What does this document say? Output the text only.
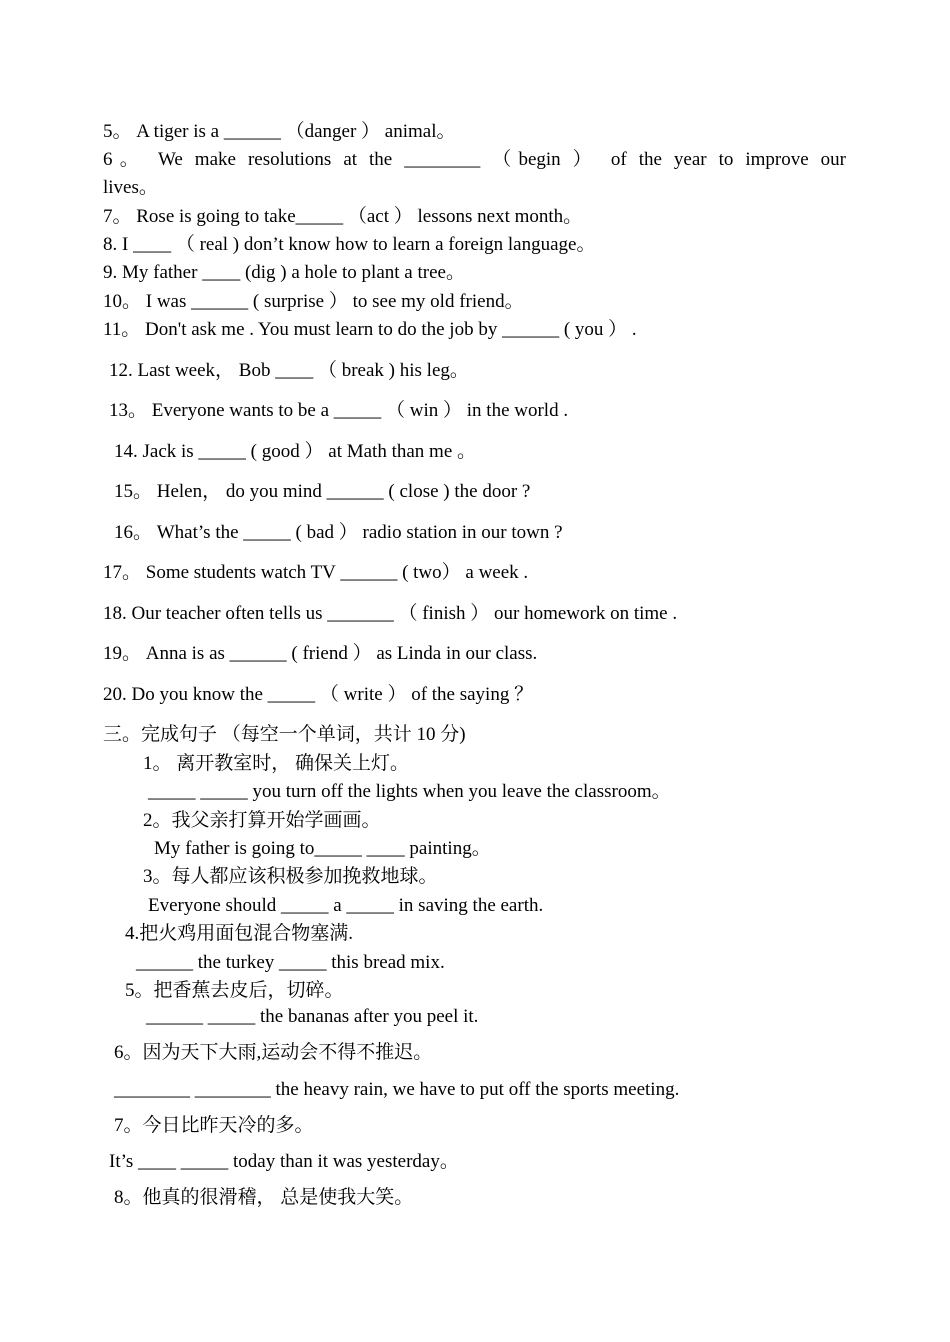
5。 A tiger is a ______ （danger ） animal。
6。 We make resolutions at the ________ （begin ） of the year to improve our
lives。
7。 Rose is going to take_____ （act ） lessons next month。
8. I ____ （ real ) don’t know how to learn a foreign language。
9. My father ____ (dig ) a hole to plant a tree。
10。 I was ______ ( surprise ） to see my old friend。
11。 Don't ask me . You must learn to do the job by ______ ( you ） .
12. Last week， Bob ____ （ break ) his leg。
13。 Everyone wants to be a _____ （ win ） in the world .
14. Jack is _____ ( good ） at Math than me 。
15。 Helen， do you mind ______ ( close ) the door ?
16。 What’s the _____ ( bad ） radio station in our town ?
17。 Some students watch TV ______ ( two） a week .
18. Our teacher often tells us _______ （ finish ） our homework on time .
19。 Anna is as ______ ( friend ） as Linda in our class.
20. Do you know the _____ （ write ） of the saying ？
三。完成句子 （每空一个单词，共计 10 分)
1。 离开教室时， 确保关上灯。
_____ _____ you turn off the lights when you leave the classroom。
2。我父亲打算开始学画画。
My father is going to_____ ____ painting。
3。每人都应该积极参加挽救地球。
Everyone should _____ a _____ in saving the earth.
4.把火鸡用面包混合物塞满.
______ the turkey _____ this bread mix.
5。把香蕉去皮后，切碎。
______ _____ the bananas after you peel it.
6。因为天下大雨,运动会不得不推迟。
________ ________ the heavy rain, we have to put off the sports meeting.
7。今日比昨天冷的多。
It’s ____ _____ today than it was yesterday。
8。他真的很滑稽， 总是使我大笑。
